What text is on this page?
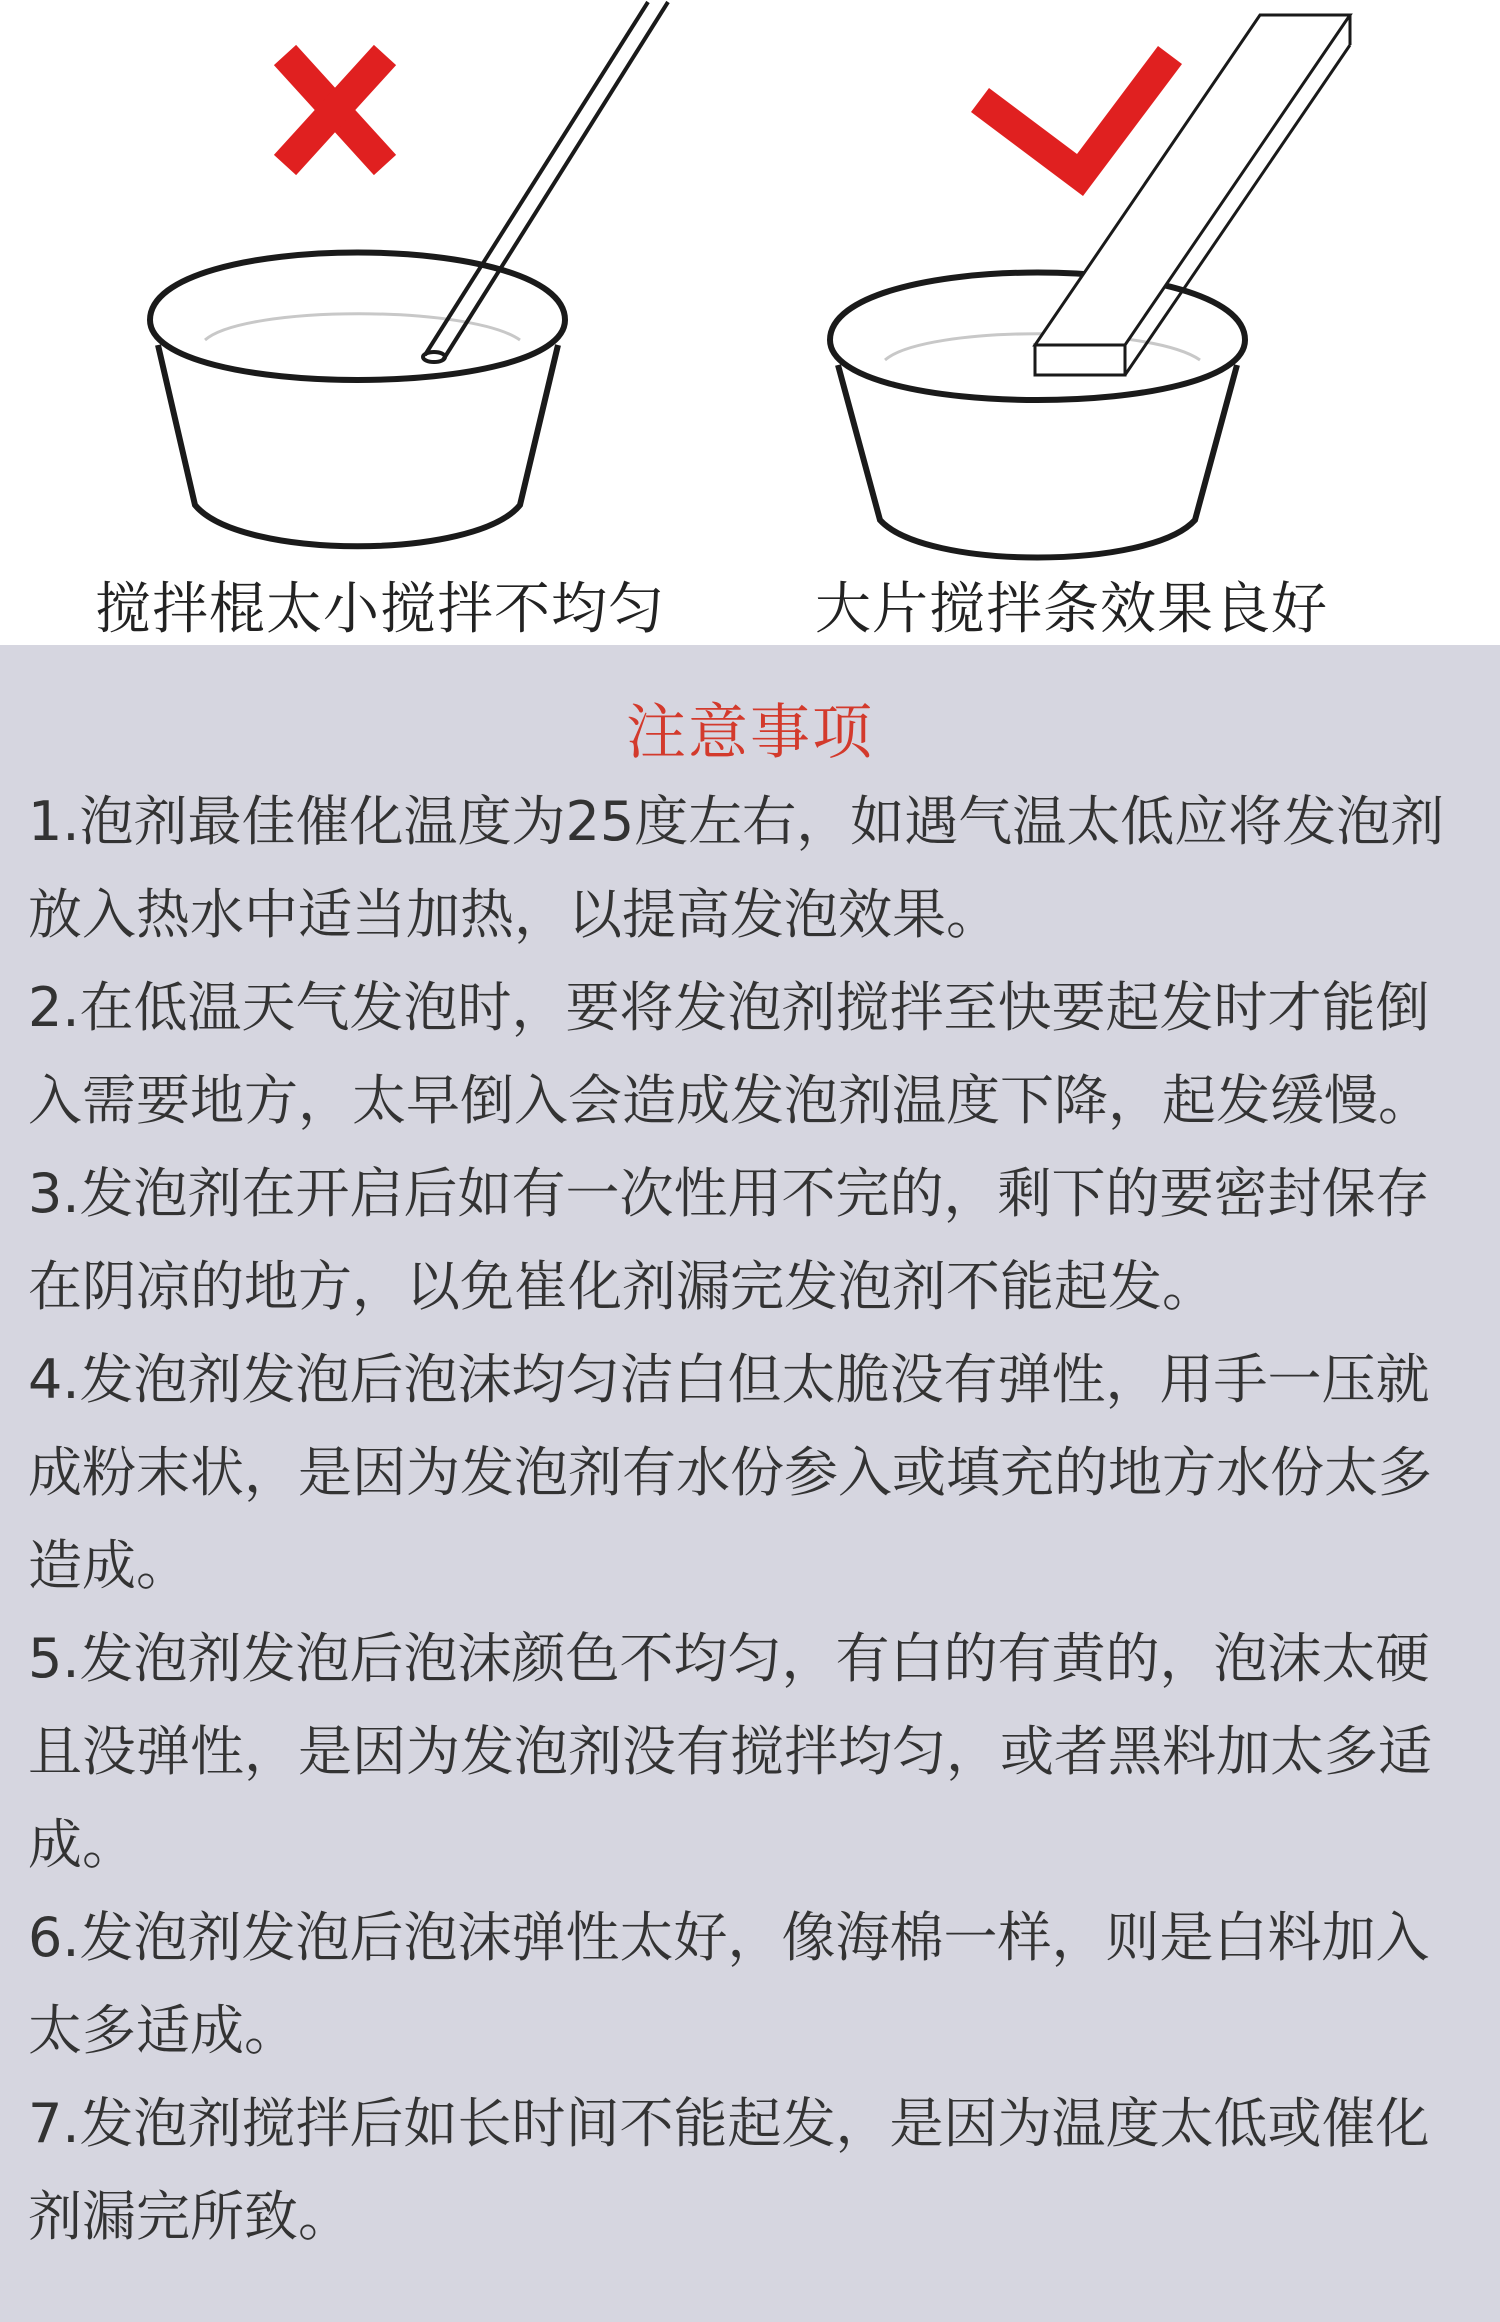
搅拌棍太小搅拌不均匀	大片搅拌条效果良好
注意事项
1.泡剂最佳催化温度为25度左右，如遇气温太低应将发泡剂放入热水中适当加热，以提高发泡效果。
2.在低温天气发泡时，要将发泡剂搅拌至快要起发时才能倒入需要地方，太早倒入会造成发泡剂温度下降，起发缓慢。
3.发泡剂在开启后如有一次性用不完的，剩下的要密封保存在阴凉的地方，以免崔化剂漏完发泡剂不能起发。
4.发泡剂发泡后泡沫均匀洁白但太脆没有弹性，用手一压就成粉末状，是因为发泡剂有水份参入或填充的地方水份太多造成。
5.发泡剂发泡后泡沫颜色不均匀，有白的有黄的，泡沫太硬且没弹性，是因为发泡剂没有搅拌均匀，或者黑料加太多适成。
6.发泡剂发泡后泡沫弹性太好，像海棉一样，则是白料加入太多适成。
7.发泡剂搅拌后如长时间不能起发，是因为温度太低或催化剂漏完所致。
